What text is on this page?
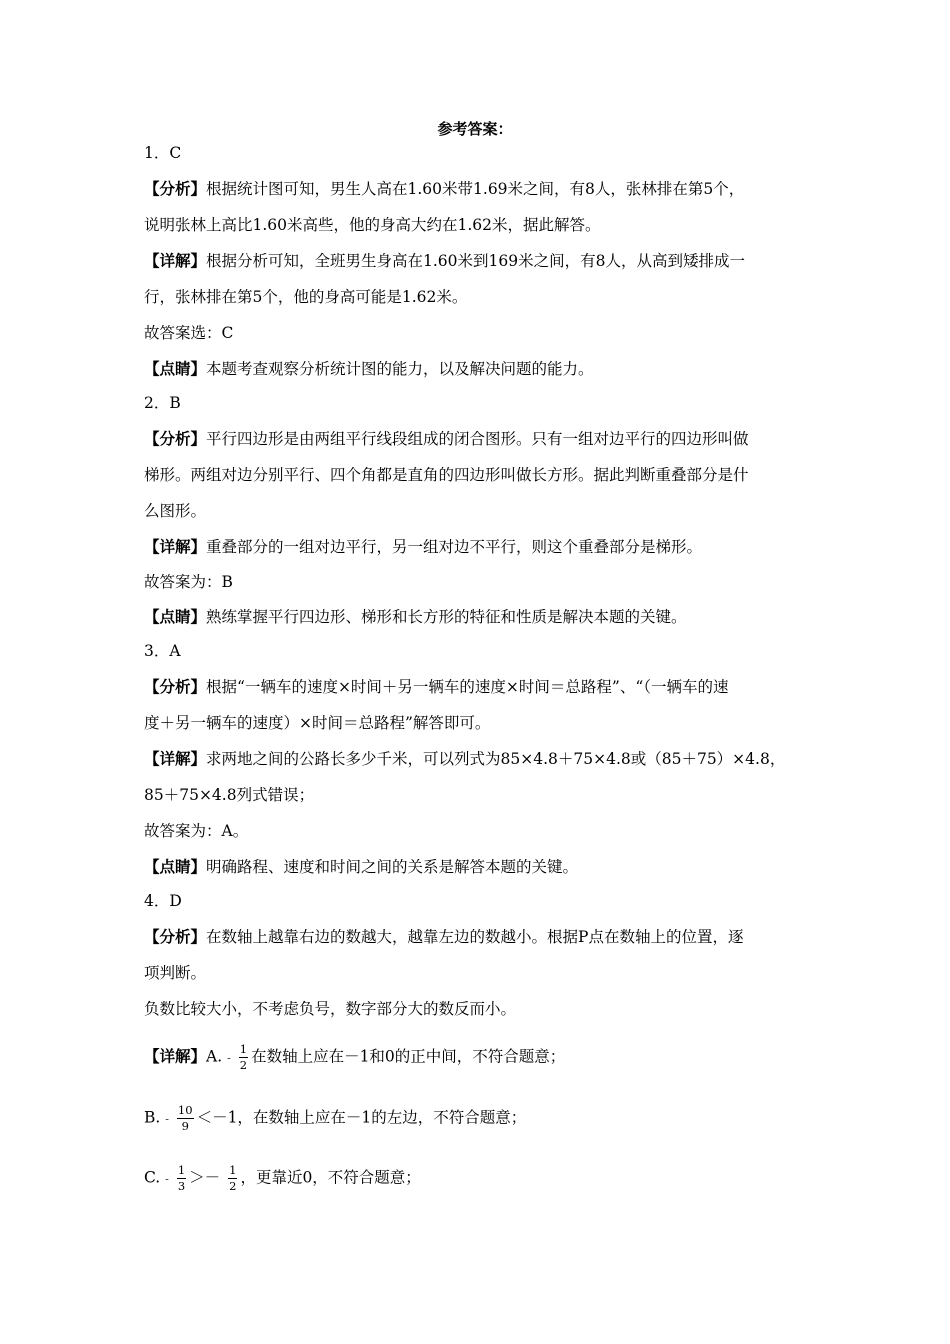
参考答案：
1．C
【分析】根据统计图可知，男生人高在1.60米带1.69米之间，有8人，张林排在第5个，
说明张林上高比1.60米高些，他的身高大约在1.62米，据此解答。
【详解】根据分析可知，全班男生身高在1.60米到169米之间，有8人，从高到矮排成一
行，张林排在第5个，他的身高可能是1.62米。
故答案选：C
【点睛】本题考查观察分析统计图的能力，以及解决问题的能力。
2．B
【分析】平行四边形是由两组平行线段组成的闭合图形。只有一组对边平行的四边形叫做
梯形。两组对边分别平行、四个角都是直角的四边形叫做长方形。据此判断重叠部分是什
么图形。
【详解】重叠部分的一组对边平行，另一组对边不平行，则这个重叠部分是梯形。
故答案为：B
【点睛】熟练掌握平行四边形、梯形和长方形的特征和性质是解决本题的关键。
3．A
【分析】根据“一辆车的速度×时间＋另一辆车的速度×时间＝总路程”、“（一辆车的速
度＋另一辆车的速度）×时间＝总路程”解答即可。
【详解】求两地之间的公路长多少千米，可以列式为85×4.8＋75×4.8或（85＋75）×4.8，
85＋75×4.8列式错误；
故答案为：A。
【点睛】明确路程、速度和时间之间的关系是解答本题的关键。
4．D
【分析】在数轴上越靠右边的数越大，越靠左边的数越小。根据P点在数轴上的位置，逐
项判断。
负数比较大小，不考虑负号，数字部分大的数反而小。
【详解】A. - $\frac{1}{2}$ 在数轴上应在－1和0的正中间，不符合题意；
B. - $\frac{10}{9} <-1$，在数轴上应在－1的左边，不符合题意；
C. - $\frac{1}{3} >- \frac{1}{2}$ ，更靠近0，不符合题意；
